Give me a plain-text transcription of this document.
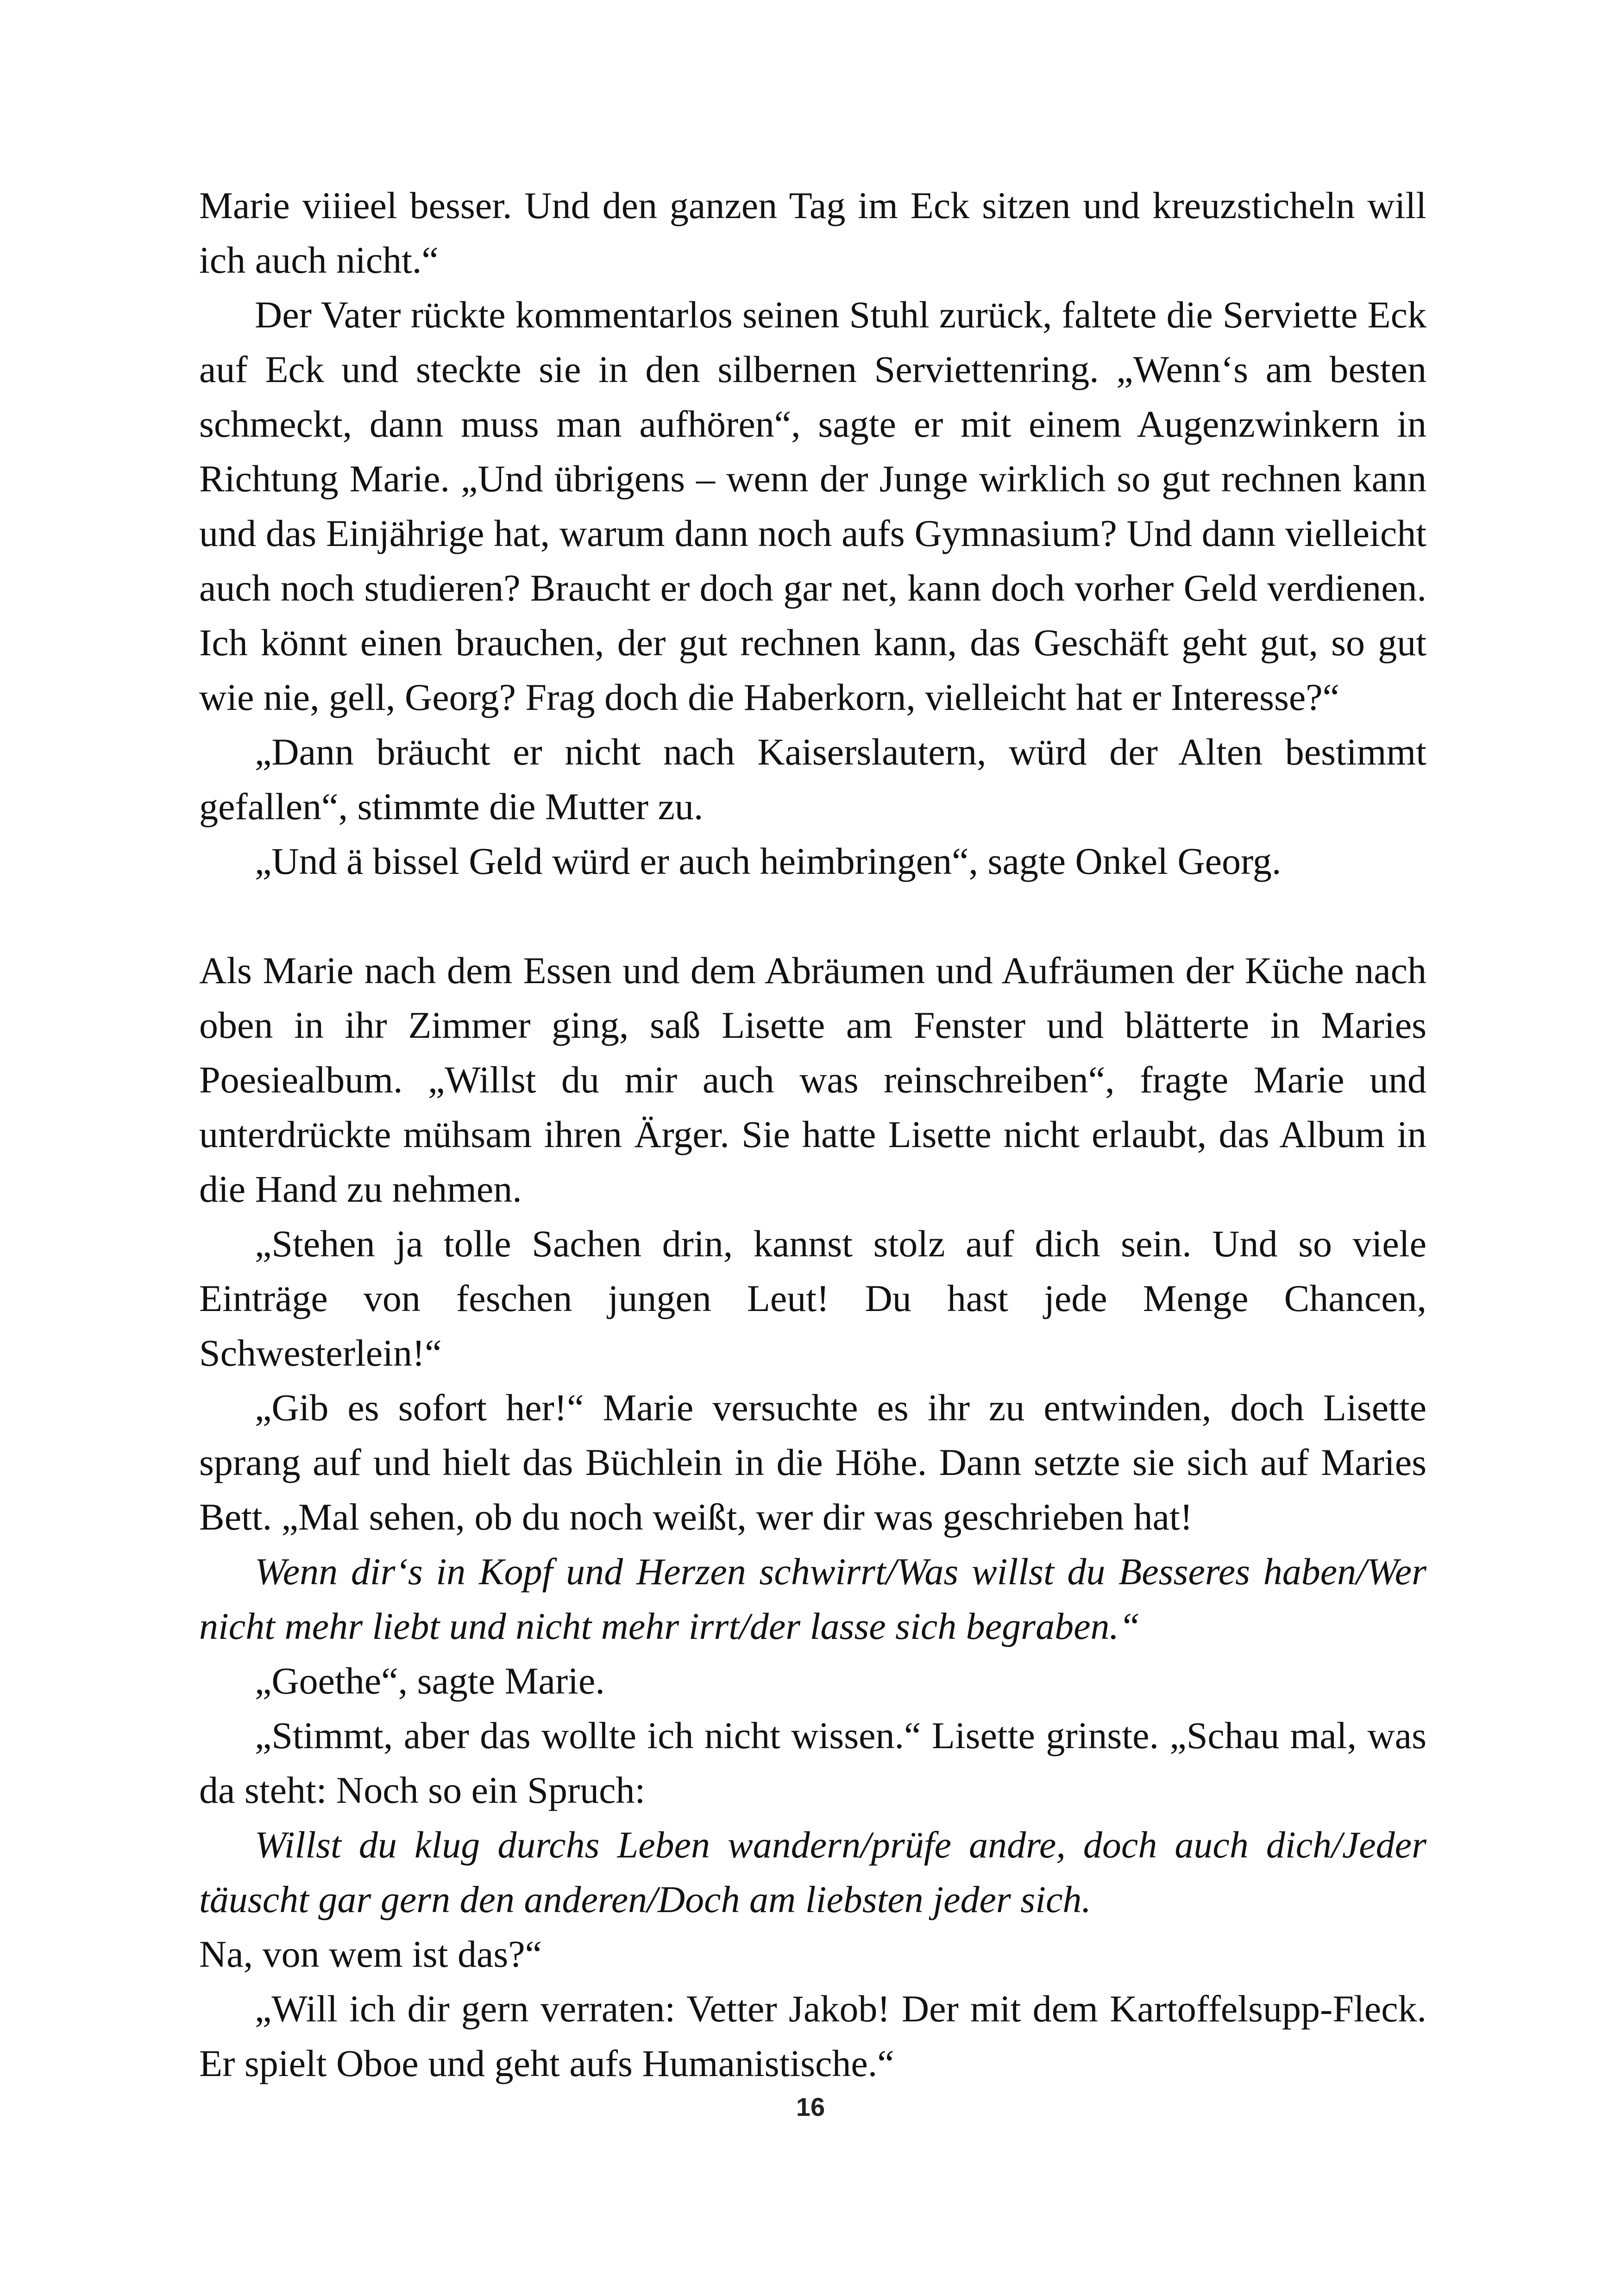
Marie viiieel besser. Und den ganzen Tag im Eck sitzen und kreuzsticheln will ich auch nicht.“

Der Vater rückte kommentarlos seinen Stuhl zurück, faltete die Serviette Eck auf Eck und steckte sie in den silbernen Serviettenring. „Wenn‘s am besten schmeckt, dann muss man aufhören“, sagte er mit einem Augenzwinkern in Richtung Marie. „Und übrigens – wenn der Junge wirklich so gut rechnen kann und das Einjährige hat, warum dann noch aufs Gymnasium? Und dann vielleicht auch noch studieren? Braucht er doch gar net, kann doch vorher Geld verdienen. Ich könnt einen brauchen, der gut rechnen kann, das Geschäft geht gut, so gut wie nie, gell, Georg? Frag doch die Haberkorn, vielleicht hat er Interesse?“

„Dann bräucht er nicht nach Kaiserslautern, würd der Alten bestimmt gefallen“, stimmte die Mutter zu.

„Und ä bissel Geld würd er auch heimbringen“, sagte Onkel Georg.

Als Marie nach dem Essen und dem Abräumen und Aufräumen der Küche nach oben in ihr Zimmer ging, saß Lisette am Fenster und blätterte in Maries Poesiealbum. „Willst du mir auch was reinschreiben“, fragte Marie und unterdrückte mühsam ihren Ärger. Sie hatte Lisette nicht erlaubt, das Album in die Hand zu nehmen.

„Stehen ja tolle Sachen drin, kannst stolz auf dich sein. Und so viele Einträge von feschen jungen Leut! Du hast jede Menge Chancen, Schwesterlein!“

„Gib es sofort her!“ Marie versuchte es ihr zu entwinden, doch Lisette sprang auf und hielt das Büchlein in die Höhe. Dann setzte sie sich auf Maries Bett. „Mal sehen, ob du noch weißt, wer dir was geschrieben hat!

Wenn dir‘s in Kopf und Herzen schwirrt/Was willst du Besseres haben/Wer nicht mehr liebt und nicht mehr irrt/der lasse sich begraben.“

„Goethe“, sagte Marie.

„Stimmt, aber das wollte ich nicht wissen.“ Lisette grinste. „Schau mal, was da steht: Noch so ein Spruch:

Willst du klug durchs Leben wandern/prüfe andre, doch auch dich/Jeder täuscht gar gern den anderen/Doch am liebsten jeder sich.

Na, von wem ist das?“

„Will ich dir gern verraten: Vetter Jakob! Der mit dem Kartoffelsupp-Fleck. Er spielt Oboe und geht aufs Humanistische.“

16
